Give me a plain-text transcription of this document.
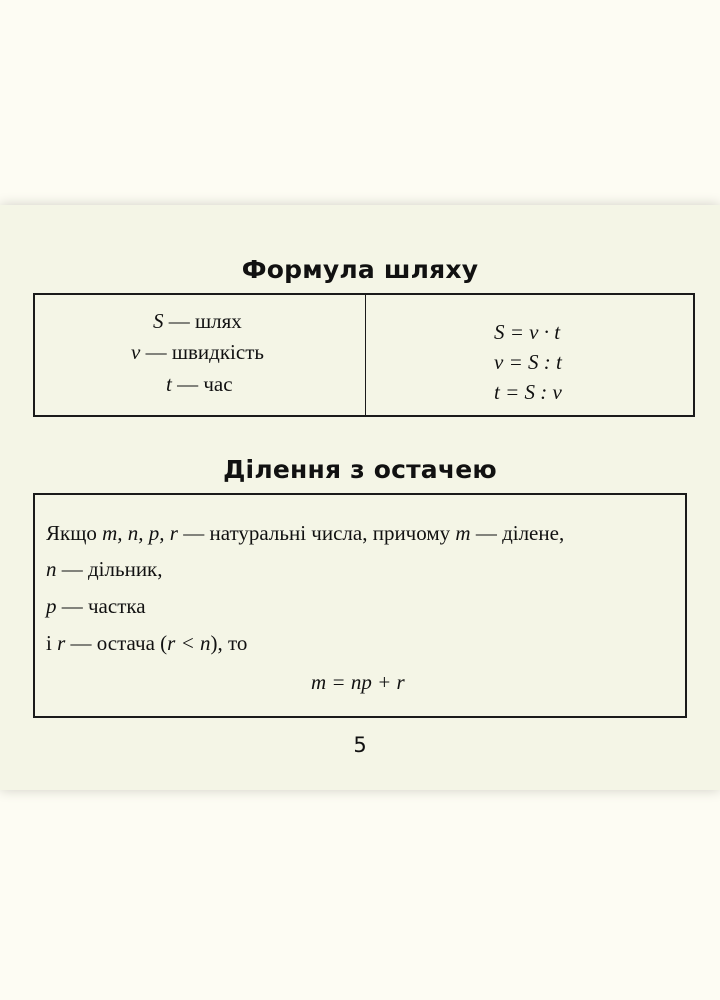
Формула шляху
S — шлях
v — швидкість
t — час
S = v · t
v = S : t
t = S : v
Ділення з остачею
Якщо m, n, p, r — натуральні числа, причому m — ділене,
n — дільник,
p — частка
і r — остача (r < n), то
m = np + r
5
